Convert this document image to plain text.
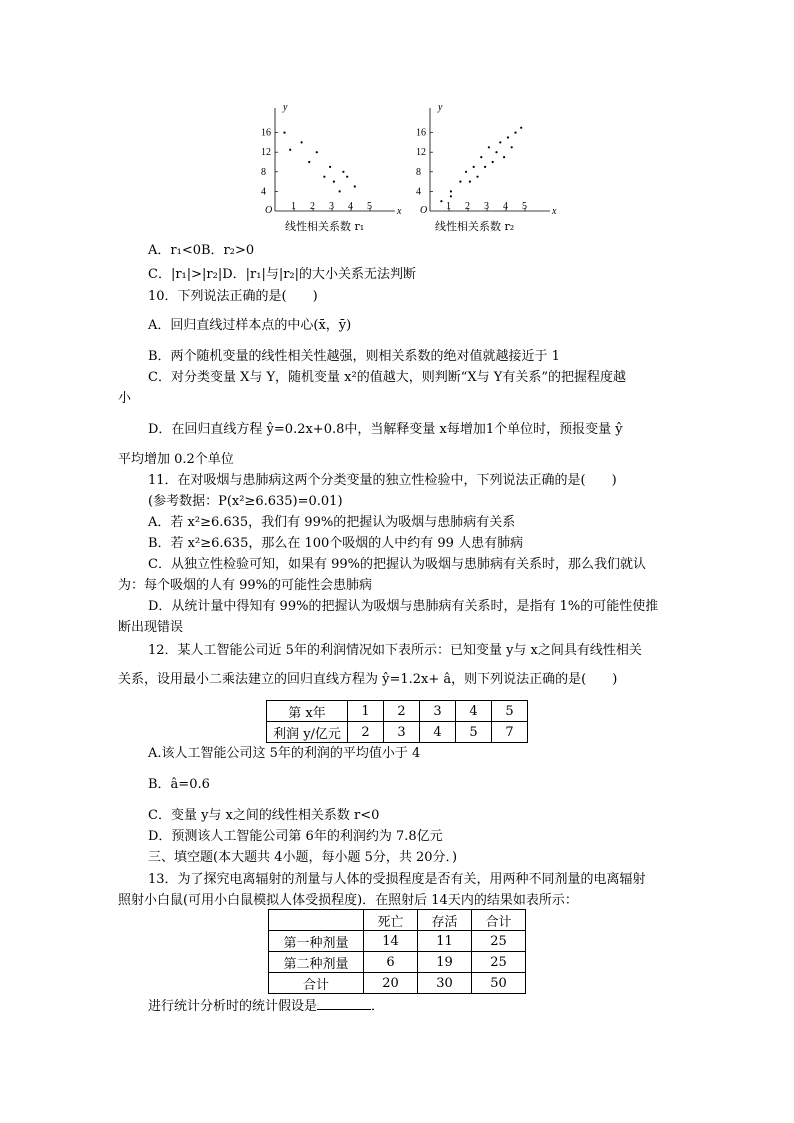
y
x
O
16
12
8
4
1 2 3 4 5
线性相关系数 r₁
y
x
O
16
12
8
4
1 2 3 4 5
线性相关系数 r₂
A．r₁<0B．r₂>0
C．|r₁|>|r₂|D．|r₁|与|r₂|的大小关系无法判断
10．下列说法正确的是(　　)
A．回归直线过样本点的中心(x̄，ȳ)
B．两个随机变量的线性相关性越强，则相关系数的绝对值就越接近于 1
C．对分类变量 X与 Y，随机变量 x²的值越大，则判断“X与 Y有关系”的把握程度越
小
D．在回归直线方程 ŷ=0.2x+0.8中，当解释变量 x每增加1个单位时，预报变量 ŷ
平均增加 0.2个单位
11．在对吸烟与患肺病这两个分类变量的独立性检验中，下列说法正确的是(　　)
(参考数据：P(x²≥6.635)=0.01)
A．若 x²≥6.635，我们有 99%的把握认为吸烟与患肺病有关系
B．若 x²≥6.635，那么在 100个吸烟的人中约有 99 人患有肺病
C．从独立性检验可知，如果有 99%的把握认为吸烟与患肺病有关系时，那么我们就认
为：每个吸烟的人有 99%的可能性会患肺病
D．从统计量中得知有 99%的把握认为吸烟与患肺病有关系时，是指有 1%的可能性使推
断出现错误
12．某人工智能公司近 5年的利润情况如下表所示：已知变量 y与 x之间具有线性相关
关系，设用最小二乘法建立的回归直线方程为 ŷ=1.2x+ â，则下列说法正确的是(　　)
第 x年	1	2	3	4	5
利润 y/亿元	2	3	4	5	7
A.该人工智能公司这 5年的利润的平均值小于 4
B．â=0.6
C．变量 y与 x之间的线性相关系数 r<0
D．预测该人工智能公司第 6年的利润约为 7.8亿元
三、填空题(本大题共 4小题，每小题 5分，共 20分．)
13．为了探究电离辐射的剂量与人体的受损程度是否有关，用两种不同剂量的电离辐射
照射小白鼠(可用小白鼠模拟人体受损程度)．在照射后 14天内的结果如表所示：
	死亡	存活	合计
第一种剂量	14	11	25
第二种剂量	6	19	25
合计	20	30	50
进行统计分析时的统计假设是	．
